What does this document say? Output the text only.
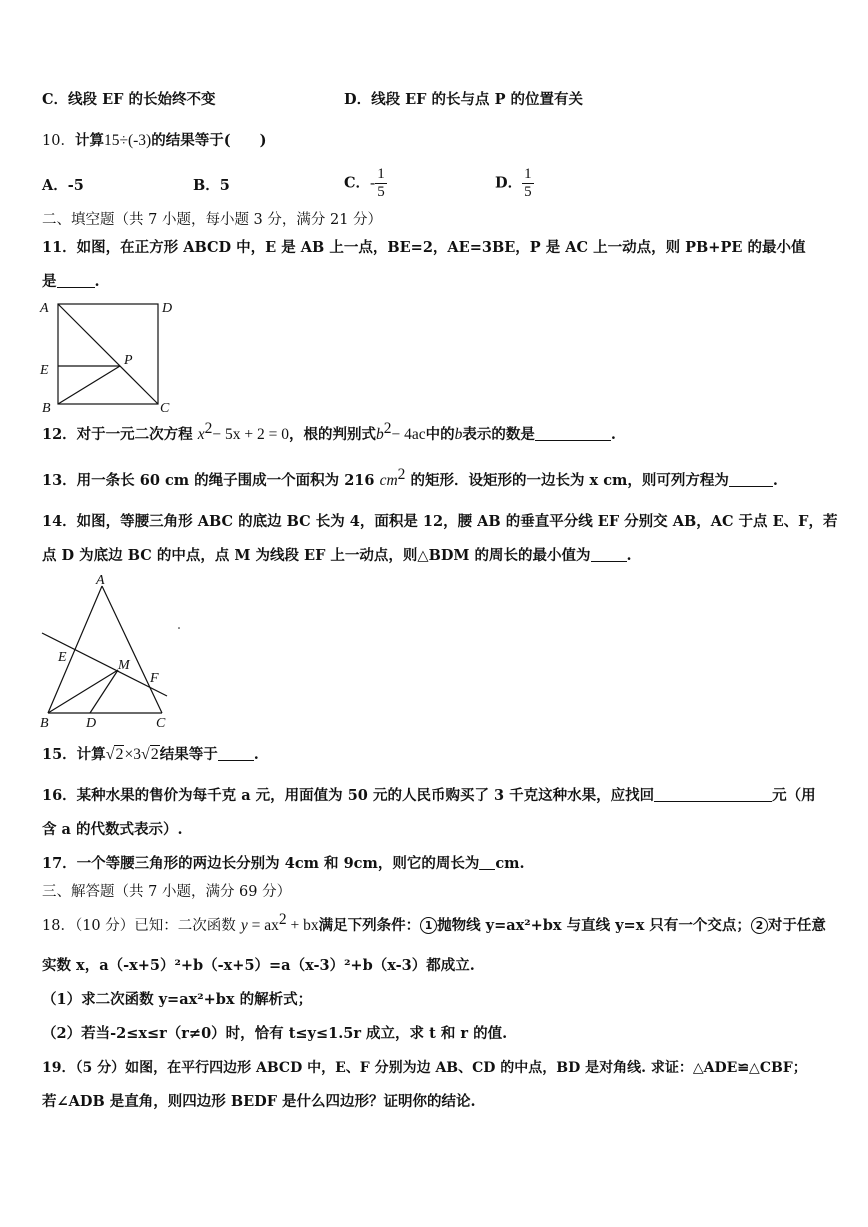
C．线段 EF 的长始终不变	D．线段 EF 的长与点 P 的位置有关
10．计算15÷(-3)的结果等于(　　)
A．-5	B．5	C．- $\frac{1}{5}$	D． $\frac{1}{5}$
二、填空题（共 7 小题，每小题 3 分，满分 21 分）
11．如图，在正方形 ABCD 中，E 是 AB 上一点，BE=2，AE=3BE，P 是 AC 上一动点，则 PB+PE 的最小值
是	.
A	D
E
P
B	C
12．对于一元二次方程 $x^2- 5x + 2 = 0$，根的判别式$b^2- 4ac$中的b表示的数是	.
13．用一条长 60 cm 的绳子围成一个面积为 216 $cm^2$ 的矩形．设矩形的一边长为 x cm，则可列方程为	.
14．如图，等腰三角形 ABC 的底边 BC 长为 4，面积是 12，腰 AB 的垂直平分线 EF 分别交 AB，AC 于点 E、F，若
点 D 为底边 BC 的中点，点 M 为线段 EF 上一动点，则△BDM 的周长的最小值为 .
A
E
M
F
B	D	C
15．计算√2×3√2结果等于 .
16．某种水果的售价为每千克 a 元，用面值为 50 元的人民币购买了 3 千克这种水果，应找回	元（用
含 a 的代数式表示）.
17．一个等腰三角形的两边长分别为 4cm 和 9cm，则它的周长为 cm.
三、解答题（共 7 小题，满分 69 分）
18．（10 分）已知：二次函数 $y = ax^2$ + bx满足下列条件： 1 抛物线 y=ax²+bx 与直线 y=x 只有一个交点； 2 对于任意
实数 x，a（-x+5）²+b（-x+5）=a（x-3）²+b（x-3）都成立.
（1）求二次函数 y=ax²+bx 的解析式；
（2）若当-2≤x≤r（r≠0）时，恰有 t≤y≤1.5r 成立，求 t 和 r 的值.
19．（5 分）如图，在平行四边形 ABCD 中，E、F 分别为边 AB、CD 的中点，BD 是对角线. 求证：△ADE≌△CBF；
若∠ADB 是直角，则四边形 BEDF 是什么四边形？证明你的结论.
